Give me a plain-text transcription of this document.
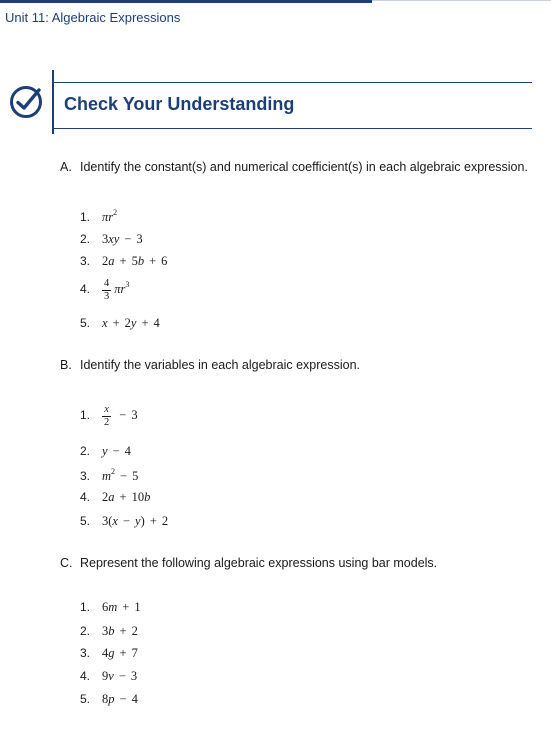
Unit 11: Algebraic Expressions
Check Your Understanding
A. Identify the constant(s) and numerical coefficient(s) in each algebraic expression.
1. $\pi r^2$
2. 3xy − 3
3. 2a + 5b + 6
4. $\frac{4}{3} \pi r^3$
5. x + 2y + 4
B. Identify the variables in each algebraic expression.
1. $\frac{x}{2} - 3$
2. y − 4
3. $m^2 - 5$
4. 2a + 10b
5. 3(x − y) + 2
C. Represent the following algebraic expressions using bar models.
1. 6m + 1
2. 3b + 2
3. 4g + 7
4. 9v − 3
5. 8p − 4
